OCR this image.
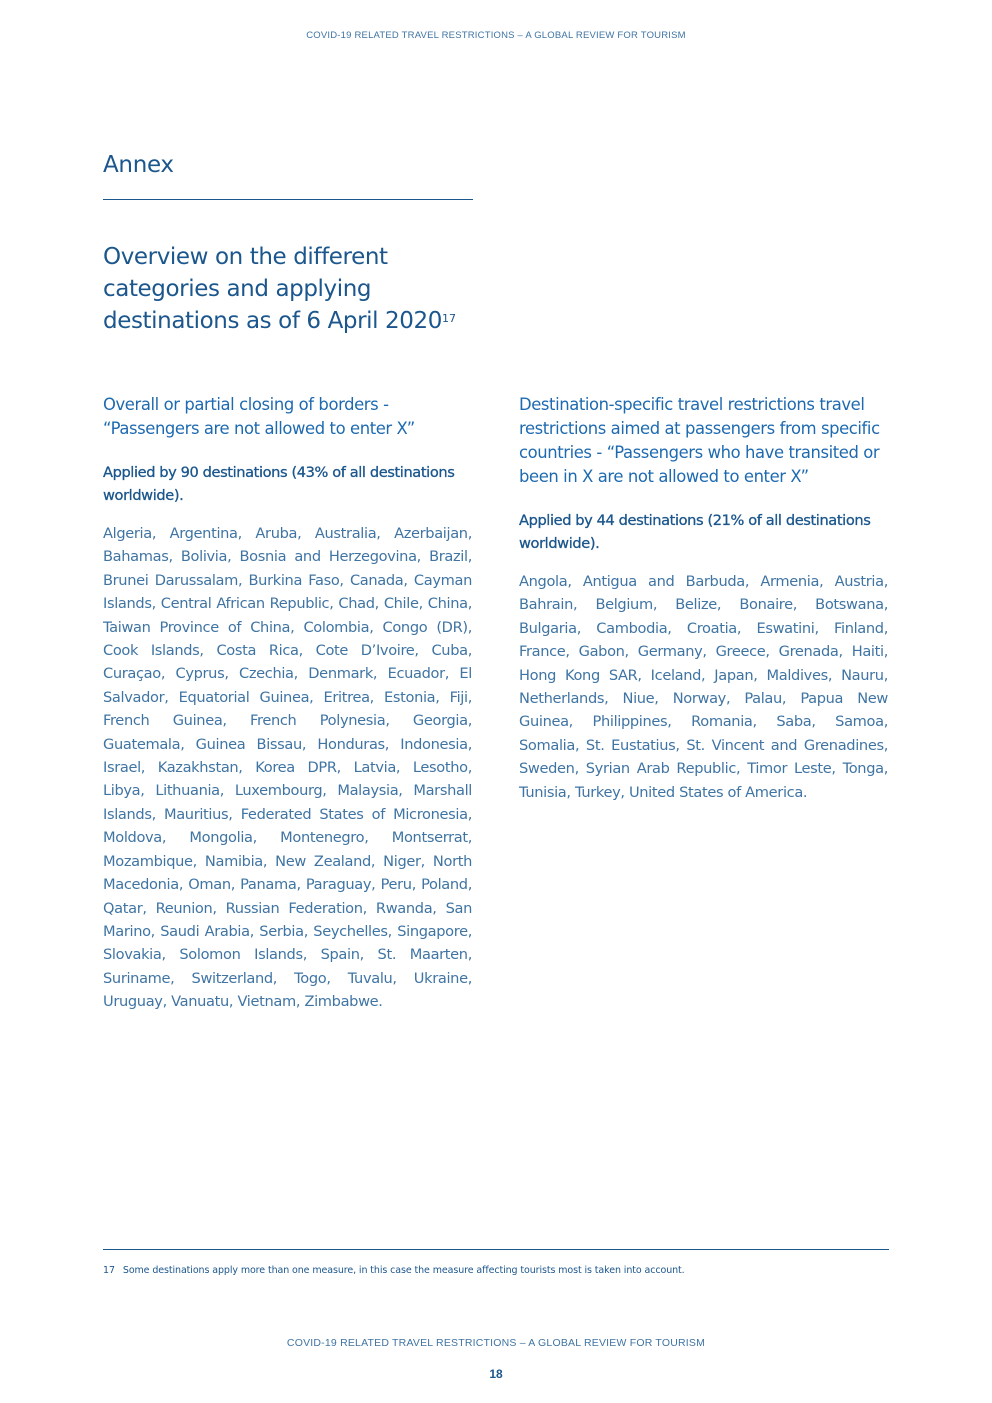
COVID-19 RELATED TRAVEL RESTRICTIONS – A GLOBAL REVIEW FOR TOURISM
Annex
Overview on the different categories and applying destinations as of 6 April 2020$^{17}$
Overall or partial closing of borders - “Passengers are not allowed to enter X”

Applied by 90 destinations (43% of all destinations worldwide).

Algeria, Argentina, Aruba, Australia, Azerbaijan, Bahamas, Bolivia, Bosnia and Herzegovina, Brazil, Brunei Darussalam, Burkina Faso, Canada, Cayman Islands, Central African Republic, Chad, Chile, China, Taiwan Province of China, Colombia, Congo (DR), Cook Islands, Costa Rica, Cote D’Ivoire, Cuba, Curaçao, Cyprus, Czechia, Denmark, Ecuador, El Salvador, Equatorial Guinea, Eritrea, Estonia, Fiji, French Guinea, French Polynesia, Georgia, Guatemala, Guinea Bissau, Honduras, Indonesia, Israel, Kazakhstan, Korea DPR, Latvia, Lesotho, Libya, Lithuania, Luxembourg, Malaysia, Marshall Islands, Mauritius, Federated States of Micronesia, Moldova, Mongolia, Montenegro, Montserrat, Mozambique, Namibia, New Zealand, Niger, North Macedonia, Oman, Panama, Paraguay, Peru, Poland, Qatar, Reunion, Russian Federation, Rwanda, San Marino, Saudi Arabia, Serbia, Seychelles, Singapore, Slovakia, Solomon Islands, Spain, St. Maarten, Suriname, Switzerland, Togo, Tuvalu, Ukraine, Uruguay, Vanuatu, Vietnam, Zimbabwe.

Destination-specific travel restrictions travel restrictions aimed at passengers from specific countries - “Passengers who have transited or been in X are not allowed to enter X”

Applied by 44 destinations (21% of all destinations worldwide).

Angola, Antigua and Barbuda, Armenia, Austria, Bahrain, Belgium, Belize, Bonaire, Botswana, Bulgaria, Cambodia, Croatia, Eswatini, Finland, France, Gabon, Germany, Greece, Grenada, Haiti, Hong Kong SAR, Iceland, Japan, Maldives, Nauru, Netherlands, Niue, Norway, Palau, Papua New Guinea, Philippines, Romania, Saba, Samoa, Somalia, St. Eustatius, St. Vincent and Grenadines, Sweden, Syrian Arab Republic, Timor Leste, Tonga, Tunisia, Turkey, United States of America.

17 Some destinations apply more than one measure, in this case the measure affecting tourists most is taken into account.
COVID-19 RELATED TRAVEL RESTRICTIONS – A GLOBAL REVIEW FOR TOURISM
18
